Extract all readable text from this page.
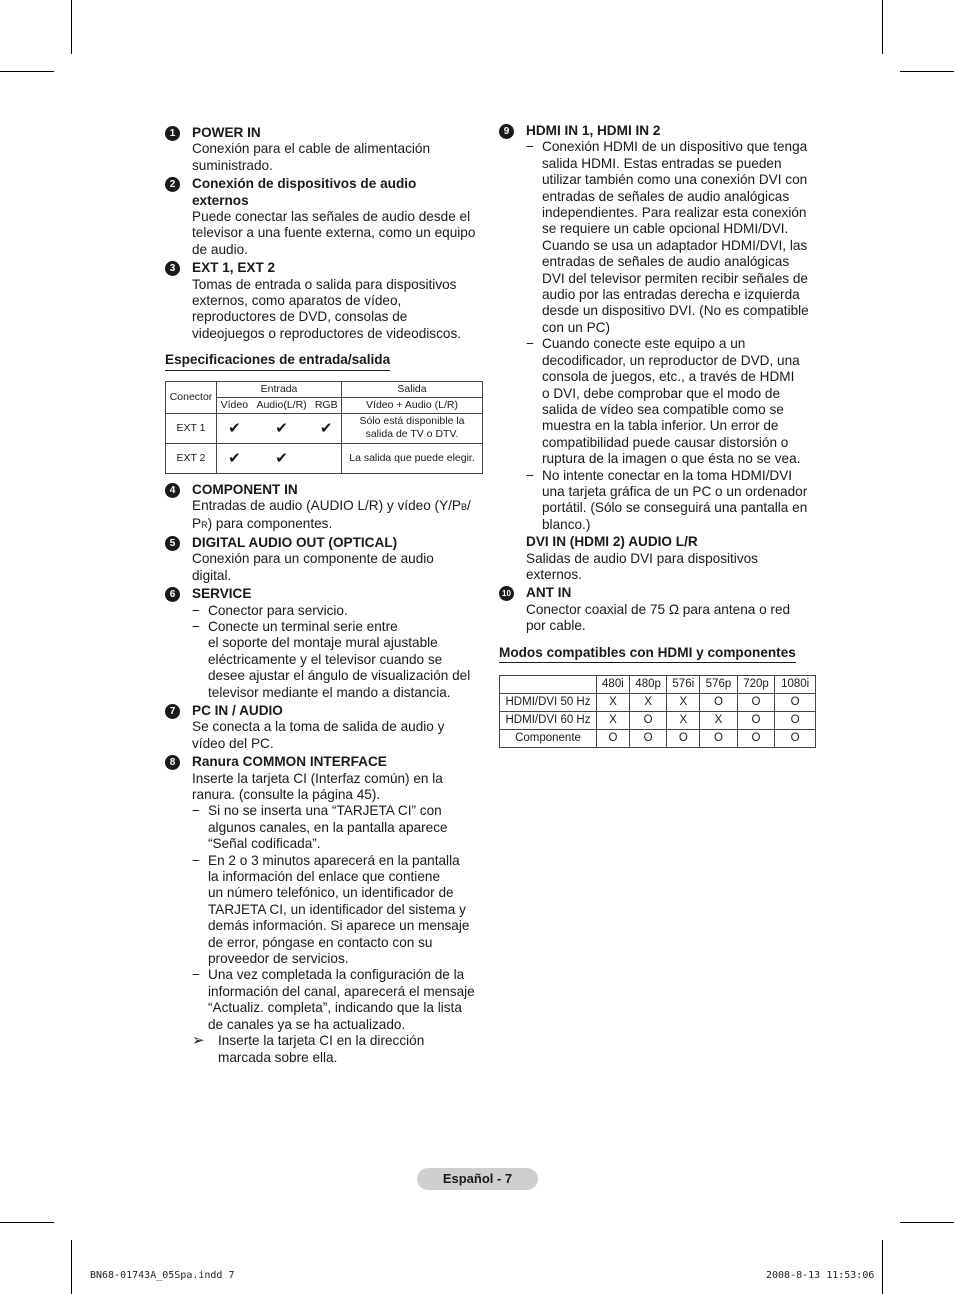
1	POWER IN
Conexión para el cable de alimentación
suministrado.
2	Conexión de dispositivos de audio
externos
Puede conectar las señales de audio desde el
televisor a una fuente externa, como un equipo
de audio.
3	EXT 1, EXT 2
Tomas de entrada o salida para dispositivos
externos, como aparatos de vídeo,
reproductores de DVD, consolas de
videojuegos o reproductores de videodiscos.
Especificaciones de entrada/salida
Conector	Entrada			Salida
	Vídeo	Audio(L/R)	RGB	Vídeo + Audio (L/R)
EXT 1	✔	✔	✔	Sólo está disponible la
salida de TV o DTV.

EXT 2	✔	✔		La salida que puede elegir.
4	COMPONENT IN
Entradas de audio (AUDIO L/R) y vídeo (Y/PB/
PR) para componentes.
5	DIGITAL AUDIO OUT (OPTICAL)
Conexión para un componente de audio
digital.
6	SERVICE
− Conector para servicio.
− Conecte un terminal serie entre
el soporte del montaje mural ajustable
eléctricamente y el televisor cuando se
desee ajustar el ángulo de visualización del
televisor mediante el mando a distancia.
7	PC IN / AUDIO
Se conecta a la toma de salida de audio y
vídeo del PC.
8	Ranura COMMON INTERFACE
Inserte la tarjeta CI (Interfaz común) en la
ranura. (consulte la página 45).
− Si no se inserta una “TARJETA CI” con
algunos canales, en la pantalla aparece
“Señal codificada”.
− En 2 o 3 minutos aparecerá en la pantalla
la información del enlace que contiene
un número telefónico, un identificador de
TARJETA CI, un identificador del sistema y
demás información. Si aparece un mensaje
de error, póngase en contacto con su
proveedor de servicios.
− Una vez completada la configuración de la
información del canal, aparecerá el mensaje
“Actualiz. completa”, indicando que la lista
de canales ya se ha actualizado.
➢ Inserte la tarjeta CI en la dirección
marcada sobre ella.
9	HDMI IN 1, HDMI IN 2
− Conexión HDMI de un dispositivo que tenga
salida HDMI. Estas entradas se pueden
utilizar también como una conexión DVI con
entradas de señales de audio analógicas
independientes. Para realizar esta conexión
se requiere un cable opcional HDMI/DVI.
Cuando se usa un adaptador HDMI/DVI, las
entradas de señales de audio analógicas
DVI del televisor permiten recibir señales de
audio por las entradas derecha e izquierda
desde un dispositivo DVI. (No es compatible
con un PC)
− Cuando conecte este equipo a un
decodificador, un reproductor de DVD, una
consola de juegos, etc., a través de HDMI
o DVI, debe comprobar que el modo de
salida de vídeo sea compatible como se
muestra en la tabla inferior. Un error de
compatibilidad puede causar distorsión o
ruptura de la imagen o que ésta no se vea.
− No intente conectar en la toma HDMI/DVI
una tarjeta gráfica de un PC o un ordenador
portátil. (Sólo se conseguirá una pantalla en
blanco.)
DVI IN (HDMI 2) AUDIO L/R
Salidas de audio DVI para dispositivos
externos.
10 ANT IN
Conector coaxial de 75 Ω para antena o red
por cable.
Modos compatibles con HDMI y componentes
	480i	480p	576i	576p	720p	1080i
HDMI/DVI 50 Hz	X	X	X	O	O	O
HDMI/DVI 60 Hz	X	O	X	X	O	O
Componente	O	O	O	O	O	O
Español - 7
BN68-01743A_05Spa.indd 7	2008-8-13 11:53:06
